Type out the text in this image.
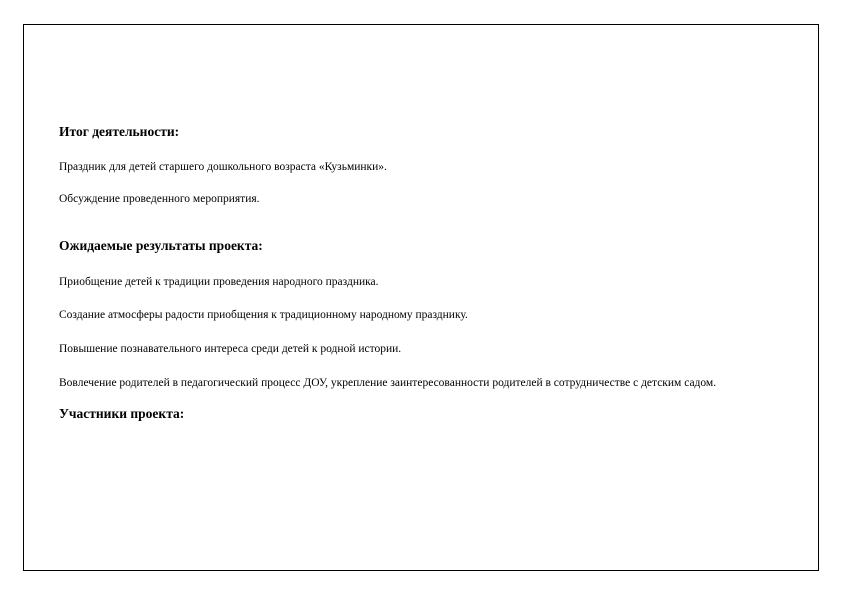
Итог деятельности:

Праздник для детей старшего дошкольного возраста «Кузьминки».

Обсуждение проведенного мероприятия.

Ожидаемые результаты проекта:

Приобщение детей к традиции проведения народного праздника.

Создание атмосферы радости приобщения к традиционному народному празднику.

Повышение познавательного интереса среди детей к родной истории.

Вовлечение родителей в педагогический процесс ДОУ, укрепление заинтересованности родителей в сотрудничестве с детским садом.

Участники проекта:
